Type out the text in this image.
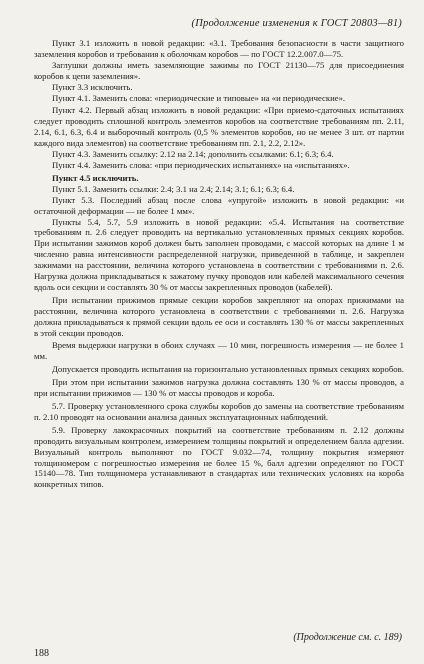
(Продолжение изменения к ГОСТ 20803—81)

Пункт 3.1 изложить в новой редакции: «3.1. Требования безопасности в части защитного заземления коробов и требования к оболочкам коробов — по ГОСТ 12.2.007.0—75.

Заглушки должны иметь заземляющие зажимы по ГОСТ 21130—75 для присоединения коробов к цепи заземления».

Пункт 3.3 исключить.

Пункт 4.1. Заменить слова: «периодические и типовые» на «и периодические».

Пункт 4.2. Первый абзац изложить в новой редакции: «При приемо-сдаточных испытаниях следует проводить сплошной контроль элементов коробов на соответствие требованиям пп. 2.11, 2.14, 6.1, 6.3, 6.4 и выборочный контроль (0,5 % элементов коробов, но не менее 3 шт. от партии каждого вида элементов) на соответствие требованиям пп. 2.1, 2.2, 2.12».

Пункт 4.3. Заменить ссылку: 2.12 на 2.14; дополнить ссылками: 6.1; 6.3; 6.4.

Пункт 4.4. Заменить слова: «при периодических испытаниях» на «испытаниях».

Пункт 4.5 исключить.

Пункт 5.1. Заменить ссылки: 2.4; 3.1 на 2.4; 2.14; 3.1; 6.1; 6.3; 6.4.

Пункт 5.3. Последний абзац после слова «упругой» изложить в новой редакции: «и остаточной деформации — не более 1 мм».

Пункты 5.4, 5.7, 5.9 изложить в новой редакции: «5.4. Испытания на соответствие требованиям п. 2.6 следует проводить на вертикально установленных прямых секциях коробов. При испытании зажимов короб должен быть заполнен проводами, с массой которых на длине 1 м численно равна интенсивности распределенной нагрузки, приведенной в таблице, и закреплен зажимами на расстоянии, величина которого установлена в соответствии с требованиями п. 2.6. Нагрузка должна прикладываться к зажатому пучку проводов или кабелей максимального сечения вдоль оси секции и составлять 30 % от массы закрепленных проводов (кабелей).

При испытании прижимов прямые секции коробов закрепляют на опорах прижимами на расстоянии, величина которого установлена в соответствии с требованиями п. 2.6. Нагрузка должна прикладываться к прямой секции вдоль ее оси и составлять 130 % от массы закрепленных в этой секции проводов.

Время выдержки нагрузки в обоих случаях — 10 мин, погрешность измерения — не более 1 мм.

Допускается проводить испытания на горизонтально установленных прямых секциях коробов.

При этом при испытании зажимов нагрузка должна составлять 130 % от массы проводов, а при испытании прижимов — 130 % от массы проводов и короба.

5.7. Проверку установленного срока службы коробов до замены на соответствие требованиям п. 2.10 проводят на основании анализа данных эксплуатационных наблюдений.

5.9. Проверку лакокрасочных покрытий на соответствие требованиям п. 2.12 должны проводить визуальным контролем, измерением толщины покрытий и определением балла адгезии. Визуальный контроль выполняют по ГОСТ 9.032—74, толщину покрытия измеряют толщиномером с погрешностью измерения не более 15 %, балл адгезии определяют по ГОСТ 15140—78. Тип толщиномера устанавливают в стандартах или технических условиях на короба конкретных типов.

(Продолжение см. с. 189)
188
